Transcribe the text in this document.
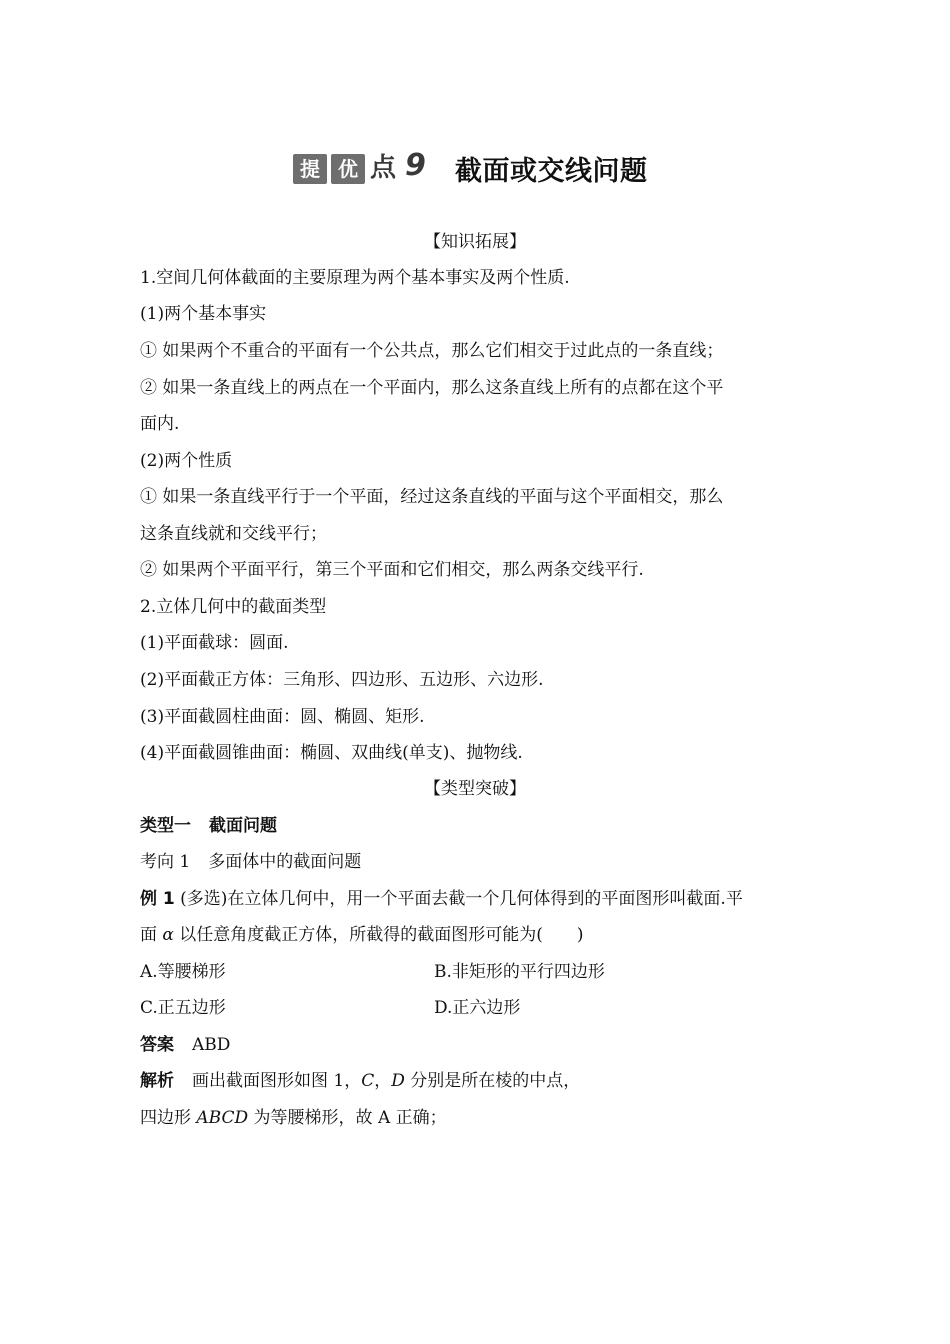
提 优 点 9 截面或交线问题
【知识拓展】
1.空间几何体截面的主要原理为两个基本事实及两个性质.
(1)两个基本事实
① 如果两个不重合的平面有一个公共点，那么它们相交于过此点的一条直线；
② 如果一条直线上的两点在一个平面内，那么这条直线上所有的点都在这个平
面内.
(2)两个性质
① 如果一条直线平行于一个平面，经过这条直线的平面与这个平面相交，那么
这条直线就和交线平行；
② 如果两个平面平行，第三个平面和它们相交，那么两条交线平行.
2.立体几何中的截面类型
(1)平面截球：圆面.
(2)平面截正方体：三角形、四边形、五边形、六边形.
(3)平面截圆柱曲面：圆、椭圆、矩形.
(4)平面截圆锥曲面：椭圆、双曲线(单支)、抛物线.
【类型突破】
类型一 截面问题
考向 1 多面体中的截面问题
例 1 (多选)在立体几何中，用一个平面去截一个几何体得到的平面图形叫截面.平
面 α 以任意角度截正方体，所截得的截面图形可能为(　　)
A.等腰梯形	B.非矩形的平行四边形
C.正五边形	D.正六边形
答案 ABD
解析 画出截面图形如图 1，C，D 分别是所在棱的中点，
四边形 ABCD 为等腰梯形，故 A 正确；
